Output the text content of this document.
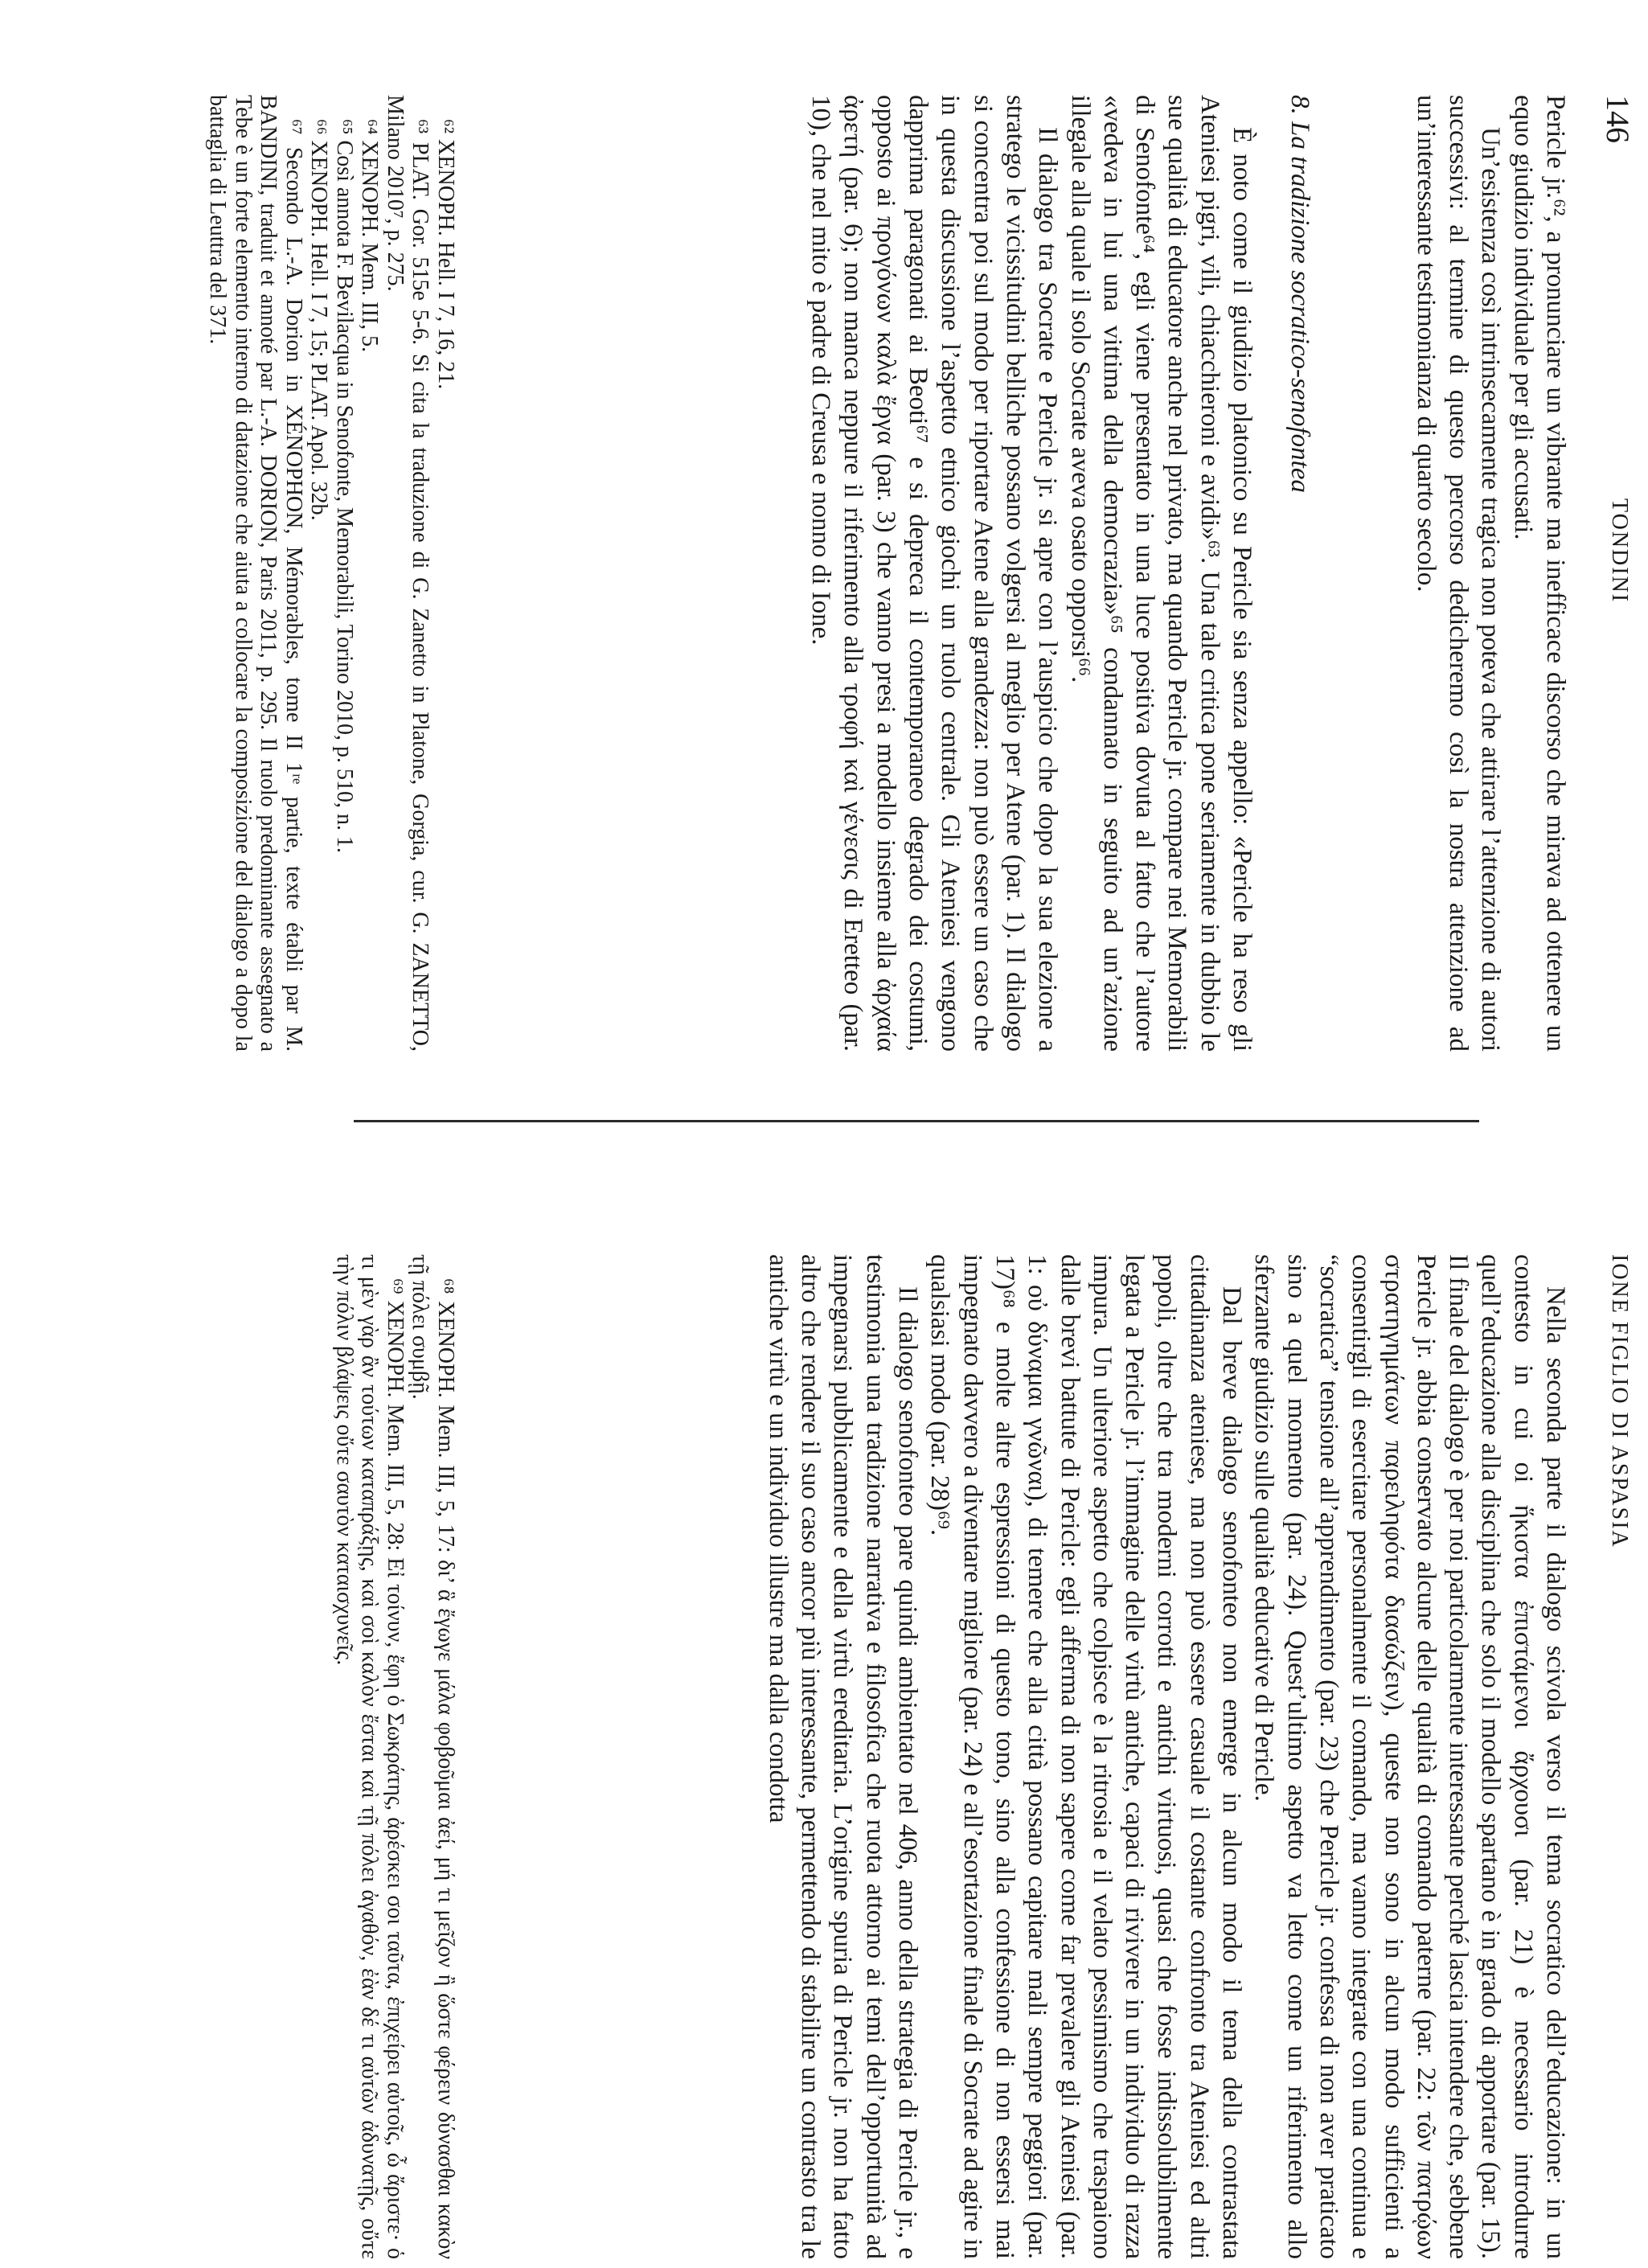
146
TONDINI

Pericle jr.⁶², a pronunciare un vibrante ma inefficace discorso che mirava ad ottenere un equo giudizio individuale per gli accusati.

Un’esistenza così intrinsecamente tragica non poteva che attirare l’attenzione di autori successivi: al termine di questo percorso dedicheremo così la nostra attenzione ad un’interessante testimonianza di quarto secolo.

8. La tradizione socratico-senofontea

È noto come il giudizio platonico su Pericle sia senza appello: «Pericle ha reso gli Ateniesi pigri, vili, chiacchieroni e avidi»⁶³. Una tale critica pone seriamente in dubbio le sue qualità di educatore anche nel privato, ma quando Pericle jr. compare nei Memorabili di Senofonte⁶⁴, egli viene presentato in una luce positiva dovuta al fatto che l’autore «vedeva in lui una vittima della democrazia»⁶⁵ condannato in seguito ad un’azione illegale alla quale il solo Socrate aveva osato opporsi⁶⁶.

Il dialogo tra Socrate e Pericle jr. si apre con l’auspicio che dopo la sua elezione a stratego le vicissitudini belliche possano volgersi al meglio per Atene (par. 1). Il dialogo si concentra poi sul modo per riportare Atene alla grandezza: non può essere un caso che in questa discussione l’aspetto etnico giochi un ruolo centrale. Gli Ateniesi vengono dapprima paragonati ai Beoti⁶⁷ e si depreca il contemporaneo degrado dei costumi, opposto ai προγόνων καλὰ ἔργα (par. 3) che vanno presi a modello insieme alla ἀρχαία ἀρετή (par. 6); non manca neppure il riferimento alla τροφή καὶ γένεσις di Eretteo (par. 10), che nel mito è padre di Creusa e nonno di Ione.

⁶² XENOPH. Hell. I 7, 16, 21.

⁶³ PLAT. Gor. 515e 5-6. Si cita la traduzione di G. Zanetto in Platone, Gorgia, cur. G. ZANETTO, Milano 2010⁷, p. 275.

⁶⁴ XENOPH. Mem. III, 5.

⁶⁵ Così annota F. Bevilacqua in Senofonte, Memorabili, Torino 2010, p. 510, n. 1.

⁶⁶ XENOPH. Hell. I 7, 15; PLAT. Apol. 32b.

⁶⁷ Secondo L.-A. Dorion in XÉNOPHON, Mémorables, tome II 1ʳᵉ partie, texte établi par M. BANDINI, traduit et annoté par L.-A. DORION, Paris 2011, p. 295. Il ruolo predominante assegnato a Tebe è un forte elemento interno di datazione che aiuta a collocare la composizione del dialogo a dopo la battaglia di Leuttra del 371.

IONE FIGLIO DI ASPASIA

Nella seconda parte il dialogo scivola verso il tema socratico dell’educazione: in un contesto in cui oi ἥκιστα ἐπιστάμενοι ἄρχουσι (par. 21) è necessario introdurre quell’educazione alla disciplina che solo il modello spartano è in grado di apportare (par. 15). Il finale del dialogo è per noi particolarmente interessante perché lascia intendere che, sebbene Pericle jr. abbia conservato alcune delle qualità di comando paterne (par. 22: τῶν πατρῴων στρατηγημάτων παρειληφότα διασώζειν), queste non sono in alcun modo sufficienti a consentirgli di esercitare personalmente il comando, ma vanno integrate con una continua e “socratica” tensione all’apprendimento (par. 23) che Pericle jr. confessa di non aver praticato sino a quel momento (par. 24). Quest’ultimo aspetto va letto come un riferimento allo sferzante giudizio sulle qualità educative di Pericle.

Dal breve dialogo senofonteo non emerge in alcun modo il tema della contrastata cittadinanza ateniese, ma non può essere casuale il costante confronto tra Ateniesi ed altri popoli, oltre che tra moderni corrotti e antichi virtuosi, quasi che fosse indissolubilmente legata a Pericle jr. l’immagine delle virtù antiche, capaci di rivivere in un individuo di razza impura. Un ulteriore aspetto che colpisce è la ritrosia e il velato pessimismo che traspaiono dalle brevi battute di Pericle: egli afferma di non sapere come far prevalere gli Ateniesi (par. 1: οὐ δύναμαι γνῶναι), di temere che alla città possano capitare mali sempre peggiori (par. 17)⁶⁸ e molte altre espressioni di questo tono, sino alla confessione di non essersi mai impegnato davvero a diventare migliore (par. 24) e all’esortazione finale di Socrate ad agire in qualsiasi modo (par. 28)⁶⁹.

Il dialogo senofonteo pare quindi ambientato nel 406, anno della strategia di Pericle jr., e testimonia una tradizione narrativa e filosofica che ruota attorno ai temi dell’opportunità ad impegnarsi pubblicamente e della virtù ereditaria. L’origine spuria di Pericle jr. non ha fatto altro che rendere il suo caso ancor più interessante, permettendo di stabilire un contrasto tra le antiche virtù e un individuo illustre ma dalla condotta

⁶⁸ XENOPH. Mem. III, 5, 17: δι’ ἃ ἔγωγε μάλα φοβοῦμαι ἀεί, μή τι μεῖζον ἢ ὥστε φέρειν δύνασθαι κακὸν τῇ πόλει συμβῇ.

⁶⁹ XENOPH. Mem. III, 5, 28: Εἰ τοίνυν, ἔφη ὁ Σωκράτης, ἀρέσκει σοι ταῦτα, ἐπιχείρει αὐτοῖς, ὦ ἄριστε· ὁ τι μὲν γὰρ ἂν τούτων καταπράξῃς, καὶ σοὶ καλὸν ἔσται καὶ τῇ πόλει ἀγαθόν, ἐὰν δέ τι αὐτῶν ἀδυνατῇς, οὔτε τὴν πόλιν βλάψεις οὔτε σαυτὸν καταισχυνεῖς.
